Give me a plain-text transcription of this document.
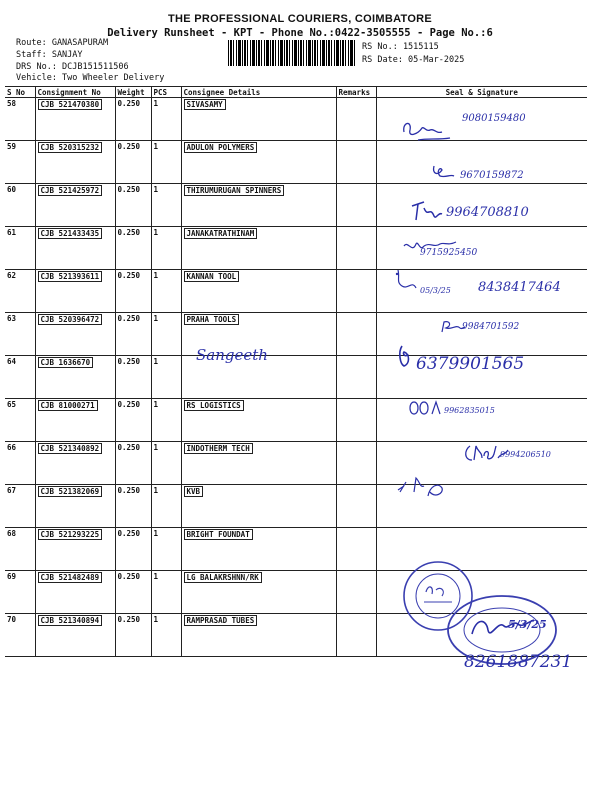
THE PROFESSIONAL COURIERS, COIMBATORE
Delivery Runsheet - KPT - Phone No.:0422-3505555 - Page No.:6
Route: GANASAPURAM
Staff: SANJAY
DRS No.: DCJB151511506
Vehicle: Two Wheeler Delivery
RS No.: 1515115
RS Date: 05-Mar-2025
S No	Consignment No	Weight	PCS	Consignee Details	Remarks	Seal & Signature
58	CJB 521470380	0.250	1	SIVASAMY		
59	CJB 520315232	0.250	1	ADULON POLYMERS		
60	CJB 521425972	0.250	1	THIRUMURUGAN SPINNERS		
61	CJB 521433435	0.250	1	JANAKATRATHINAM		
62	CJB 521393611	0.250	1	KANNAN TOOL		
63	CJB 520396472	0.250	1	PRAHA TOOLS		
64	CJB 1636670	0.250	1			
65	CJB 81000271	0.250	1	RS LOGISTICS		
66	CJB 521340892	0.250	1	INDOTHERM TECH		
67	CJB 521382069	0.250	1	KVB		
68	CJB 521293225	0.250	1	BRIGHT FOUNDAT		
69	CJB 521482489	0.250	1	LG BALAKRSHNN/RK		
70	CJB 521340894	0.250	1	RAMPRASAD TUBES		
9080159480
9670159872
9964708810
9715925450
05/3/25 8438417464
9984701592
Sangeeth	6379901565
9962835015
9994206510
5/3/25
8261887231
